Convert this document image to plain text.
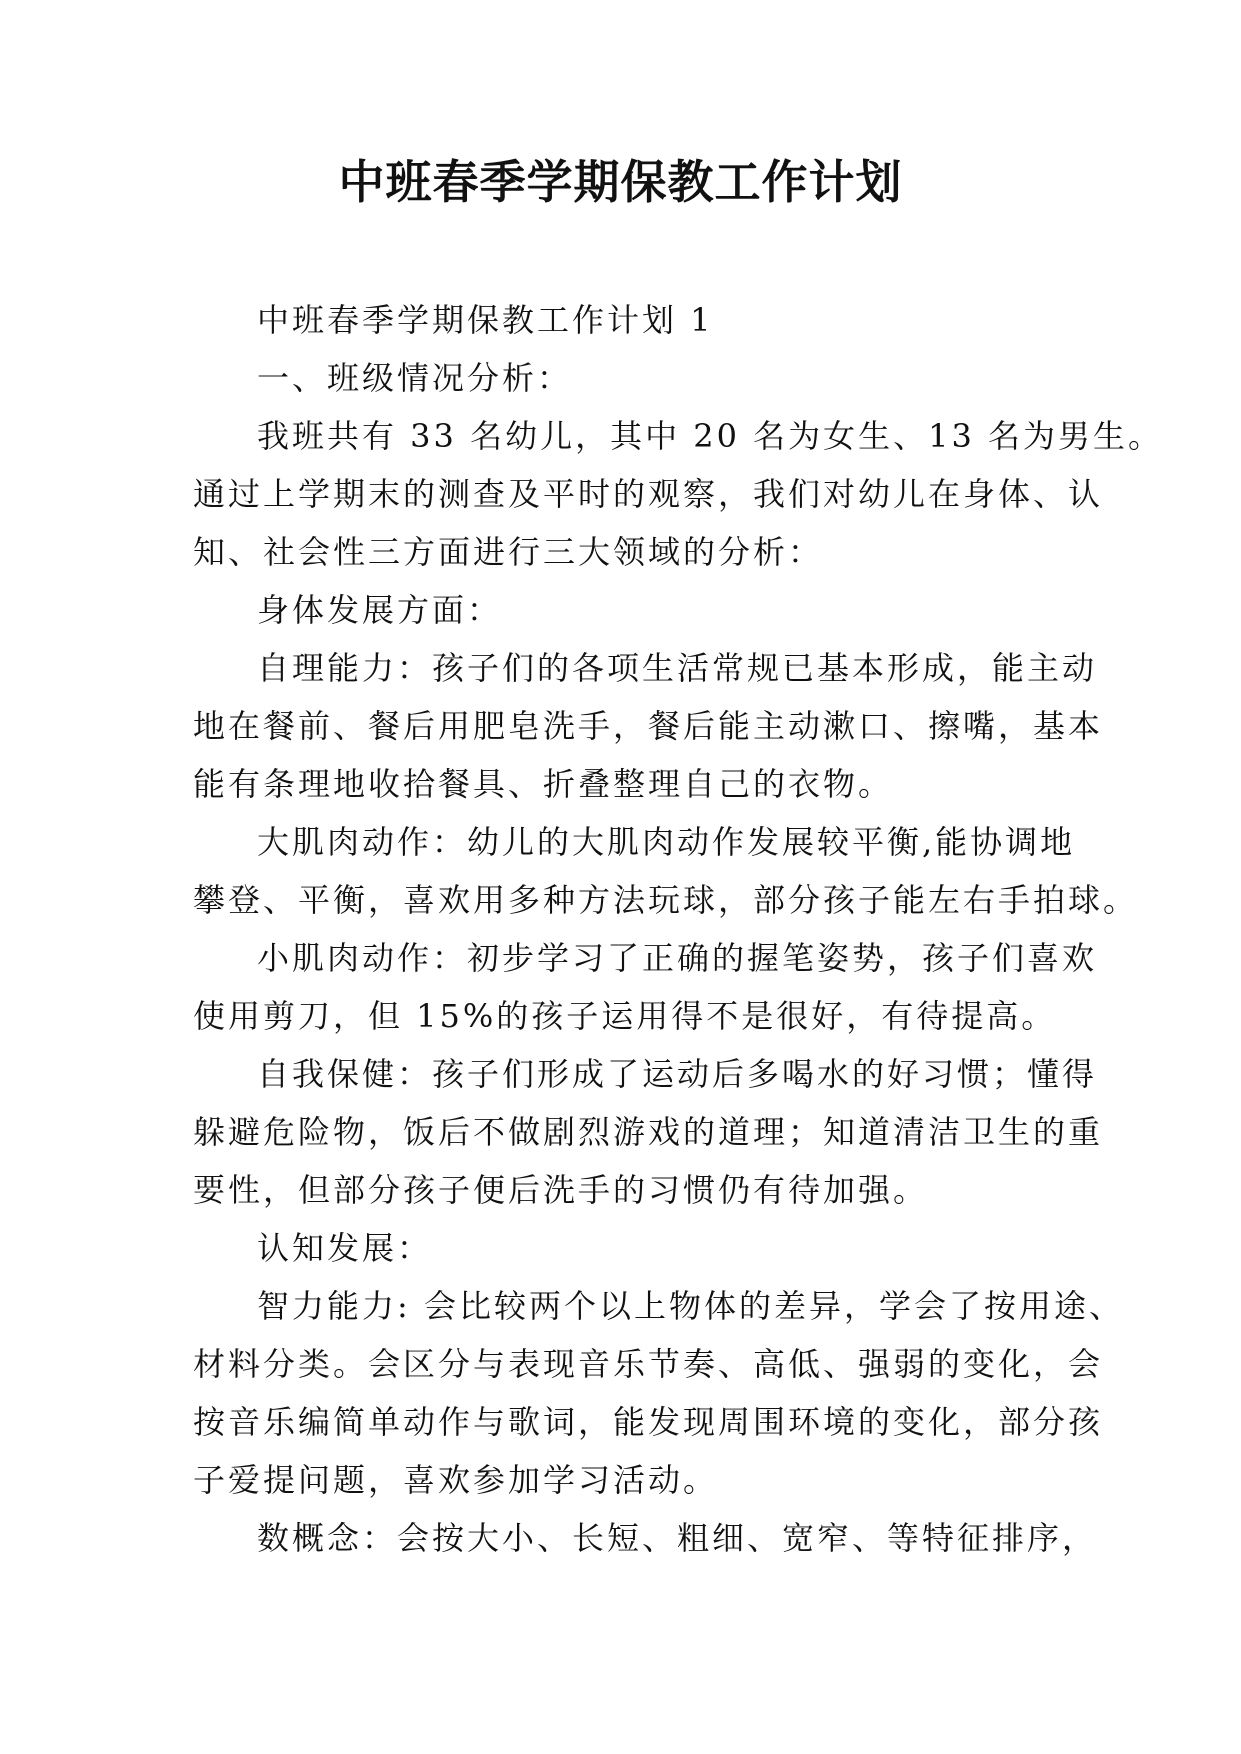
中班春季学期保教工作计划
中班春季学期保教工作计划 1
一、班级情况分析：
我班共有 33 名幼儿，其中 20 名为女生、13 名为男生。
通过上学期末的测查及平时的观察，我们对幼儿在身体、认
知、社会性三方面进行三大领域的分析：
身体发展方面：
自理能力：孩子们的各项生活常规已基本形成，能主动
地在餐前、餐后用肥皂洗手，餐后能主动漱口、擦嘴，基本
能有条理地收拾餐具、折叠整理自己的衣物。
大肌肉动作：幼儿的大肌肉动作发展较平衡,能协调地
攀登、平衡，喜欢用多种方法玩球，部分孩子能左右手拍球。
小肌肉动作：初步学习了正确的握笔姿势，孩子们喜欢
使用剪刀，但 15%的孩子运用得不是很好，有待提高。
自我保健：孩子们形成了运动后多喝水的好习惯；懂得
躲避危险物，饭后不做剧烈游戏的道理；知道清洁卫生的重
要性，但部分孩子便后洗手的习惯仍有待加强。
认知发展：
智力能力: 会比较两个以上物体的差异，学会了按用途、
材料分类。会区分与表现音乐节奏、高低、强弱的变化，会
按音乐编简单动作与歌词，能发现周围环境的变化，部分孩
子爱提问题，喜欢参加学习活动。
数概念：会按大小、长短、粗细、宽窄、等特征排序，
